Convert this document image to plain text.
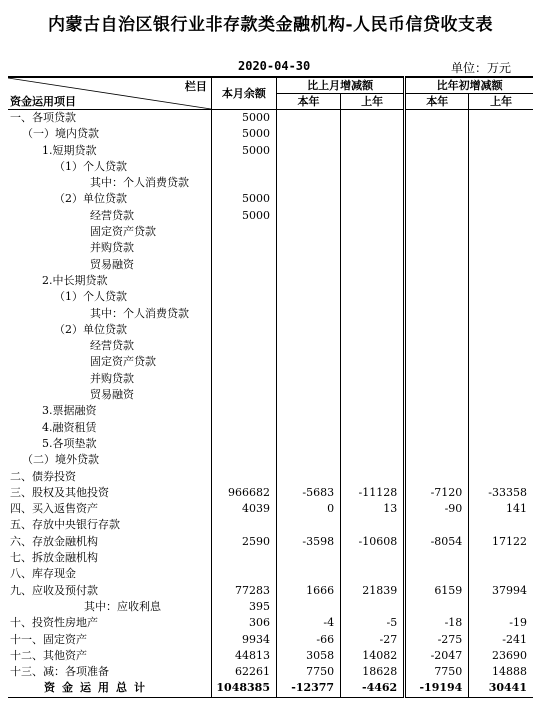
内蒙古自治区银行业非存款类金融机构-人民币信贷收支表
2020-04-30	单位：万元
栏目
资金运用项目	本月余额	比上月增减额		比年初增减额	
		本年	上年	本年	上年
一、各项贷款	5000				
（一）境内贷款	5000				
1.短期贷款	5000				
（1）个人贷款					
其中：个人消费贷款					
（2）单位贷款	5000				
经营贷款	5000				
固定资产贷款					
并购贷款					
贸易融资					
2.中长期贷款					
（1）个人贷款					
其中：个人消费贷款					
（2）单位贷款					
经营贷款					
固定资产贷款					
并购贷款					
贸易融资					
3.票据融资					
4.融资租赁					
5.各项垫款					
（二）境外贷款					
二、债券投资					
三、股权及其他投资	966682	-5683	-11128	-7120	-33358
四、买入返售资产	4039	0	13	-90	141
五、存放中央银行存款					
六、存放金融机构	2590	-3598	-10608	-8054	17122
七、拆放金融机构					
八、库存现金					
九、应收及预付款	77283	1666	21839	6159	37994
其中：应收利息	395				
十、投资性房地产	306	-4	-5	-18	-19
十一、固定资产	9934	-66	-27	-275	-241
十二、其他资产	44813	3058	14082	-2047	23690
十三、减：各项准备	62261	7750	18628	7750	14888
资金运用总计	1048385	-12377	-4462	-19194	30441
